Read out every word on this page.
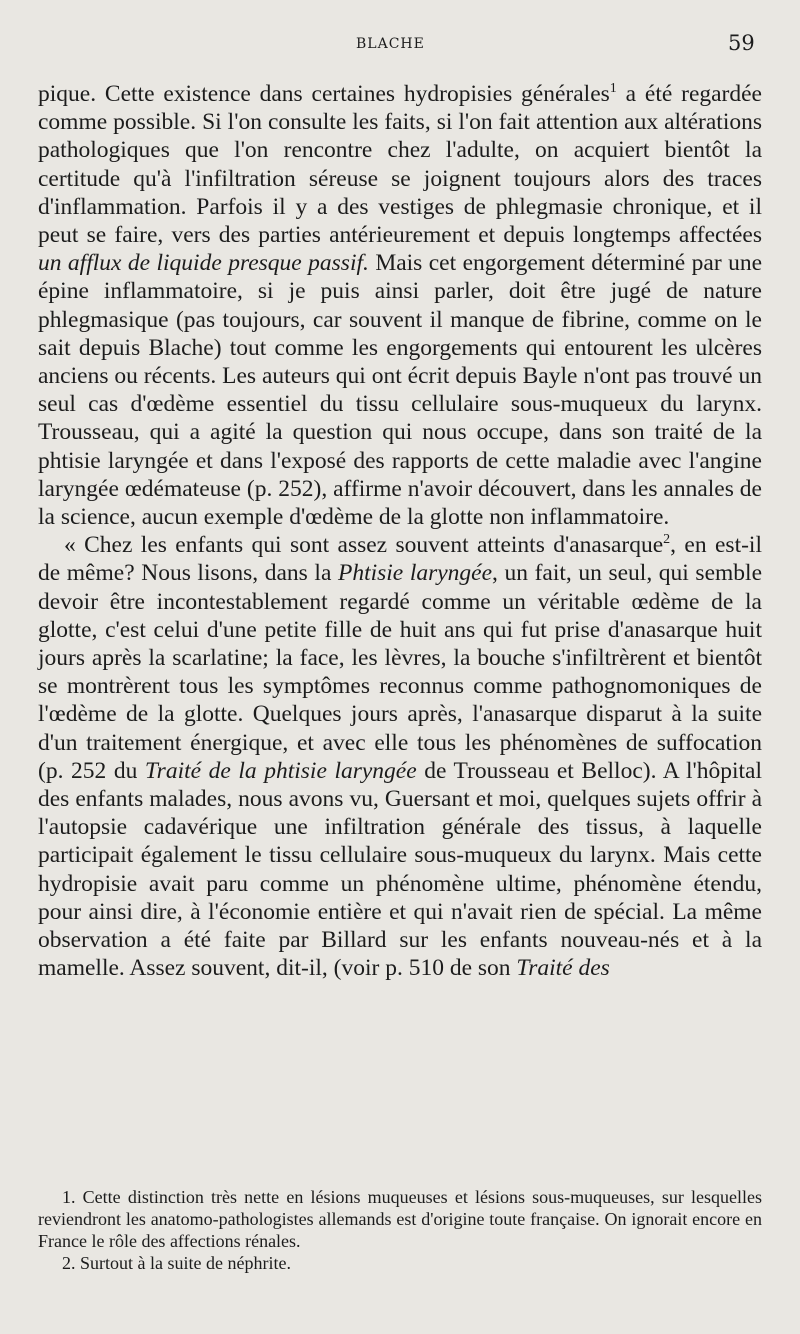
BLACHE	59

pique. Cette existence dans certaines hydropisies générales$^1$ a été regardée comme possible. Si l'on consulte les faits, si l'on fait attention aux altérations pathologiques que l'on rencontre chez l'adulte, on acquiert bientôt la certitude qu'à l'infiltration séreuse se joignent toujours alors des traces d'inflammation. Parfois il y a des vestiges de phlegmasie chronique, et il peut se faire, vers des parties antérieurement et depuis longtemps affectées un afflux de liquide presque passif. Mais cet engorgement déterminé par une épine inflammatoire, si je puis ainsi parler, doit être jugé de nature phlegmasique (pas toujours, car souvent il manque de fibrine, comme on le sait depuis Blache) tout comme les engorgements qui entourent les ulcères anciens ou récents. Les auteurs qui ont écrit depuis Bayle n'ont pas trouvé un seul cas d'œdème essentiel du tissu cellulaire sous-muqueux du larynx. Trousseau, qui a agité la question qui nous occupe, dans son traité de la phtisie laryngée et dans l'exposé des rapports de cette maladie avec l'angine laryngée œdémateuse (p. 252), affirme n'avoir découvert, dans les annales de la science, aucun exemple d'œdème de la glotte non inflammatoire.

« Chez les enfants qui sont assez souvent atteints d'anasarque$^2$, en est-il de même? Nous lisons, dans la Phtisie laryngée, un fait, un seul, qui semble devoir être incontestablement regardé comme un véritable œdème de la glotte, c'est celui d'une petite fille de huit ans qui fut prise d'anasarque huit jours après la scarlatine; la face, les lèvres, la bouche s'infiltrèrent et bientôt se montrèrent tous les symptômes reconnus comme pathognomoniques de l'œdème de la glotte. Quelques jours après, l'anasarque disparut à la suite d'un traitement énergique, et avec elle tous les phénomènes de suffocation (p. 252 du Traité de la phtisie laryngée de Trousseau et Belloc). A l'hôpital des enfants malades, nous avons vu, Guersant et moi, quelques sujets offrir à l'autopsie cadavérique une infiltration générale des tissus, à laquelle participait également le tissu cellulaire sous-muqueux du larynx. Mais cette hydropisie avait paru comme un phénomène ultime, phénomène étendu, pour ainsi dire, à l'économie entière et qui n'avait rien de spécial. La même observation a été faite par Billard sur les enfants nouveau-nés et à la mamelle. Assez souvent, dit-il, (voir p. 510 de son Traité des

1. Cette distinction très nette en lésions muqueuses et lésions sous-muqueuses, sur lesquelles reviendront les anatomo-pathologistes allemands est d'origine toute française. On ignorait encore en France le rôle des affections rénales.

2. Surtout à la suite de néphrite.
